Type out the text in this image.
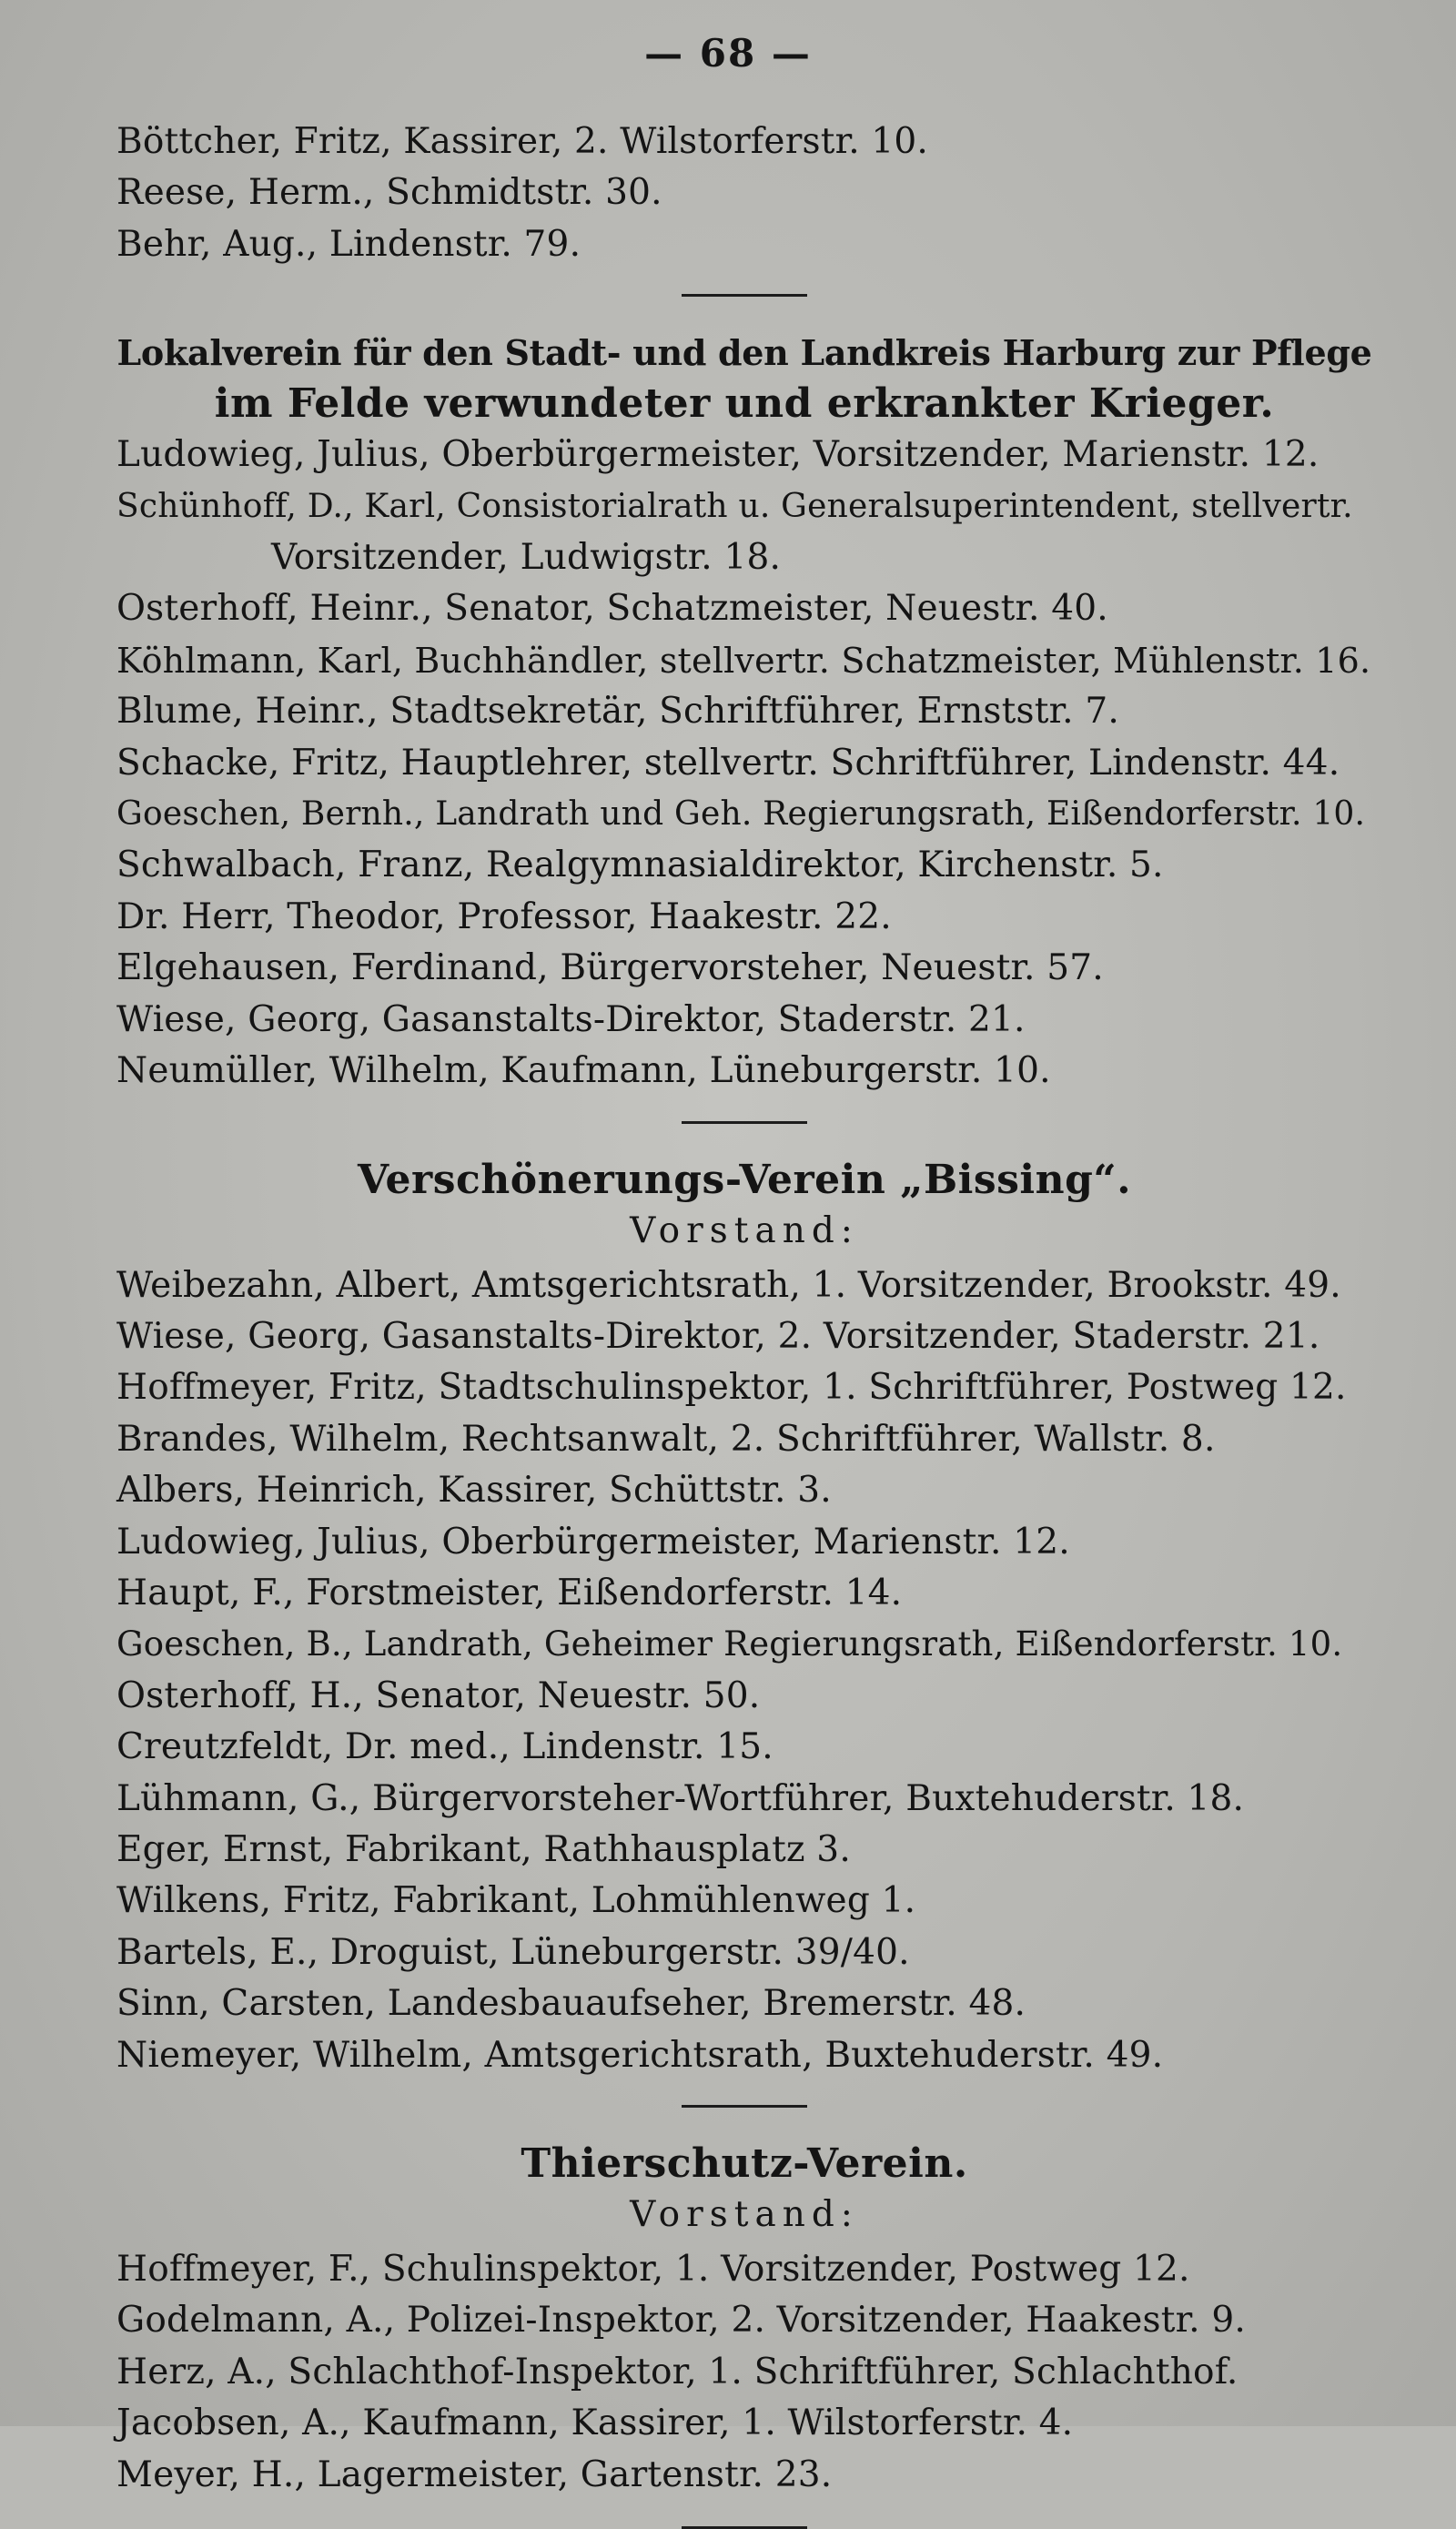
— 68 —
Böttcher, Fritz, Kassirer, 2. Wilstorferstr. 10.
Reese, Herm., Schmidtstr. 30.
Behr, Aug., Lindenstr. 79.
Lokalverein für den Stadt- und den Landkreis Harburg zur Pflege
im Felde verwundeter und erkrankter Krieger.
Ludowieg, Julius, Oberbürgermeister, Vorsitzender, Marienstr. 12.
Schünhoff, D., Karl, Consistorialrath u. Generalsuperintendent, stellvertr.
Vorsitzender, Ludwigstr. 18.
Osterhoff, Heinr., Senator, Schatzmeister, Neuestr. 40.
Köhlmann, Karl, Buchhändler, stellvertr. Schatzmeister, Mühlenstr. 16.
Blume, Heinr., Stadtsekretär, Schriftführer, Ernststr. 7.
Schacke, Fritz, Hauptlehrer, stellvertr. Schriftführer, Lindenstr. 44.
Goeschen, Bernh., Landrath und Geh. Regierungsrath, Eißendorferstr. 10.
Schwalbach, Franz, Realgymnasialdirektor, Kirchenstr. 5.
Dr. Herr, Theodor, Professor, Haakestr. 22.
Elgehausen, Ferdinand, Bürgervorsteher, Neuestr. 57.
Wiese, Georg, Gasanstalts-Direktor, Staderstr. 21.
Neumüller, Wilhelm, Kaufmann, Lüneburgerstr. 10.
Verschönerungs-Verein „Bissing“.
Vorstand:
Weibezahn, Albert, Amtsgerichtsrath, 1. Vorsitzender, Brookstr. 49.
Wiese, Georg, Gasanstalts-Direktor, 2. Vorsitzender, Staderstr. 21.
Hoffmeyer, Fritz, Stadtschulinspektor, 1. Schriftführer, Postweg 12.
Brandes, Wilhelm, Rechtsanwalt, 2. Schriftführer, Wallstr. 8.
Albers, Heinrich, Kassirer, Schüttstr. 3.
Ludowieg, Julius, Oberbürgermeister, Marienstr. 12.
Haupt, F., Forstmeister, Eißendorferstr. 14.
Goeschen, B., Landrath, Geheimer Regierungsrath, Eißendorferstr. 10.
Osterhoff, H., Senator, Neuestr. 50.
Creutzfeldt, Dr. med., Lindenstr. 15.
Lühmann, G., Bürgervorsteher-Wortführer, Buxtehuderstr. 18.
Eger, Ernst, Fabrikant, Rathhausplatz 3.
Wilkens, Fritz, Fabrikant, Lohmühlenweg 1.
Bartels, E., Droguist, Lüneburgerstr. 39/40.
Sinn, Carsten, Landesbauaufseher, Bremerstr. 48.
Niemeyer, Wilhelm, Amtsgerichtsrath, Buxtehuderstr. 49.
Thierschutz-Verein.
Vorstand:
Hoffmeyer, F., Schulinspektor, 1. Vorsitzender, Postweg 12.
Godelmann, A., Polizei-Inspektor, 2. Vorsitzender, Haakestr. 9.
Herz, A., Schlachthof-Inspektor, 1. Schriftführer, Schlachthof.
Jacobsen, A., Kaufmann, Kassirer, 1. Wilstorferstr. 4.
Meyer, H., Lagermeister, Gartenstr. 23.
